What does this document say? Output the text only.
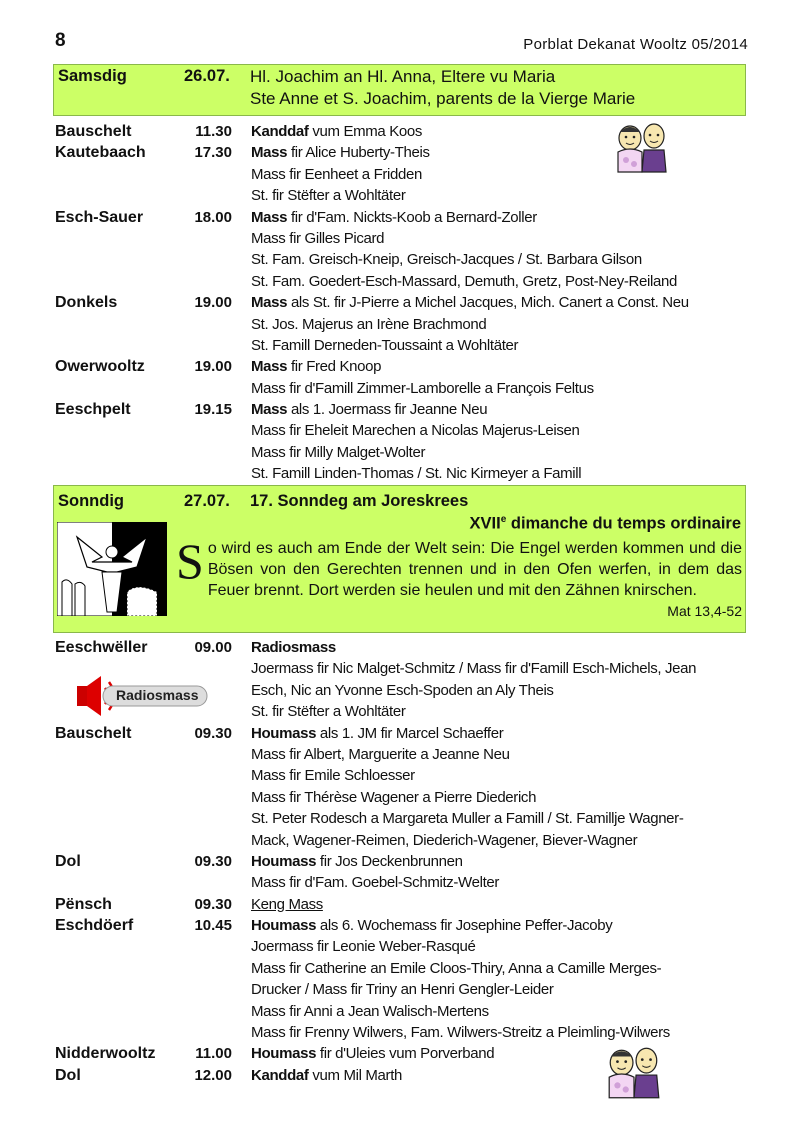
8	Porblat Dekanat Wooltz 05/2014
Samsdig	26.07. Hl. Joachim an Hl. Anna, Eltere vu Maria
Ste Anne et S. Joachim, parents de la Vierge Marie
Bauschelt	11.30 Kanddaf vum Emma Koos
Kautebaach	17.30 Mass fir Alice Huberty-Theis
Mass fir Eenheet a Fridden
St. fir Stëfter a Wohltäter
Esch-Sauer	18.00 Mass fir d'Fam. Nickts-Koob a Bernard-Zoller
Mass fir Gilles Picard
St. Fam. Greisch-Kneip, Greisch-Jacques / St. Barbara Gilson
St. Fam. Goedert-Esch-Massard, Demuth, Gretz, Post-Ney-Reiland
Donkels	19.00 Mass als St. fir J-Pierre a Michel Jacques, Mich. Canert a Const. Neu
St. Jos. Majerus an Irène Brachmond
St. Famill Derneden-Toussaint a Wohltäter
Owerwooltz	19.00 Mass fir Fred Knoop
Mass fir d'Famill Zimmer-Lamborelle a François Feltus
Eeschpelt	19.15 Mass als 1. Joermass fir Jeanne Neu
Mass fir Eheleit Marechen a Nicolas Majerus-Leisen
Mass fir Milly Malget-Wolter
St. Famill Linden-Thomas / St. Nic Kirmeyer a Famill
Sonndig	27.07. 17. Sonndeg am Joreskrees
XVIIe dimanche du temps ordinaire
So wird es auch am Ende der Welt sein: Die Engel werden kommen und die Bösen von den Gerechten trennen und in den Ofen werfen, in dem das Feuer brennt. Dort werden sie heulen und mit den Zähnen knirschen.
Mat 13,4-52
Radiosmass
Eeschwëller	09.00 Radiosmass
Joermass fir Nic Malget-Schmitz / Mass fir d'Famill Esch-Michels, Jean
Esch, Nic an Yvonne Esch-Spoden an Aly Theis
St. fir Stëfter a Wohltäter
Bauschelt	09.30 Houmass als 1. JM fir Marcel Schaeffer
Mass fir Albert, Marguerite a Jeanne Neu
Mass fir Emile Schloesser
Mass fir Thérèse Wagener a Pierre Diederich
St. Peter Rodesch a Margareta Muller a Famill / St. Famillje Wagner-
Mack, Wagener-Reimen, Diederich-Wagener, Biever-Wagner
Dol	09.30 Houmass fir Jos Deckenbrunnen
Mass fir d'Fam. Goebel-Schmitz-Welter
Pënsch	09.30 Keng Mass
Eschdöerf	10.45 Houmass als 6. Wochemass fir Josephine Peffer-Jacoby
Joermass fir Leonie Weber-Rasqué
Mass fir Catherine an Emile Cloos-Thiry, Anna a Camille Merges-
Drucker / Mass fir Triny an Henri Gengler-Leider
Mass fir Anni a Jean Walisch-Mertens
Mass fir Frenny Wilwers, Fam. Wilwers-Streitz a Pleimling-Wilwers
Nidderwooltz	11.00 Houmass fir d'Uleies vum Porverband
Dol	12.00 Kanddaf vum Mil Marth
